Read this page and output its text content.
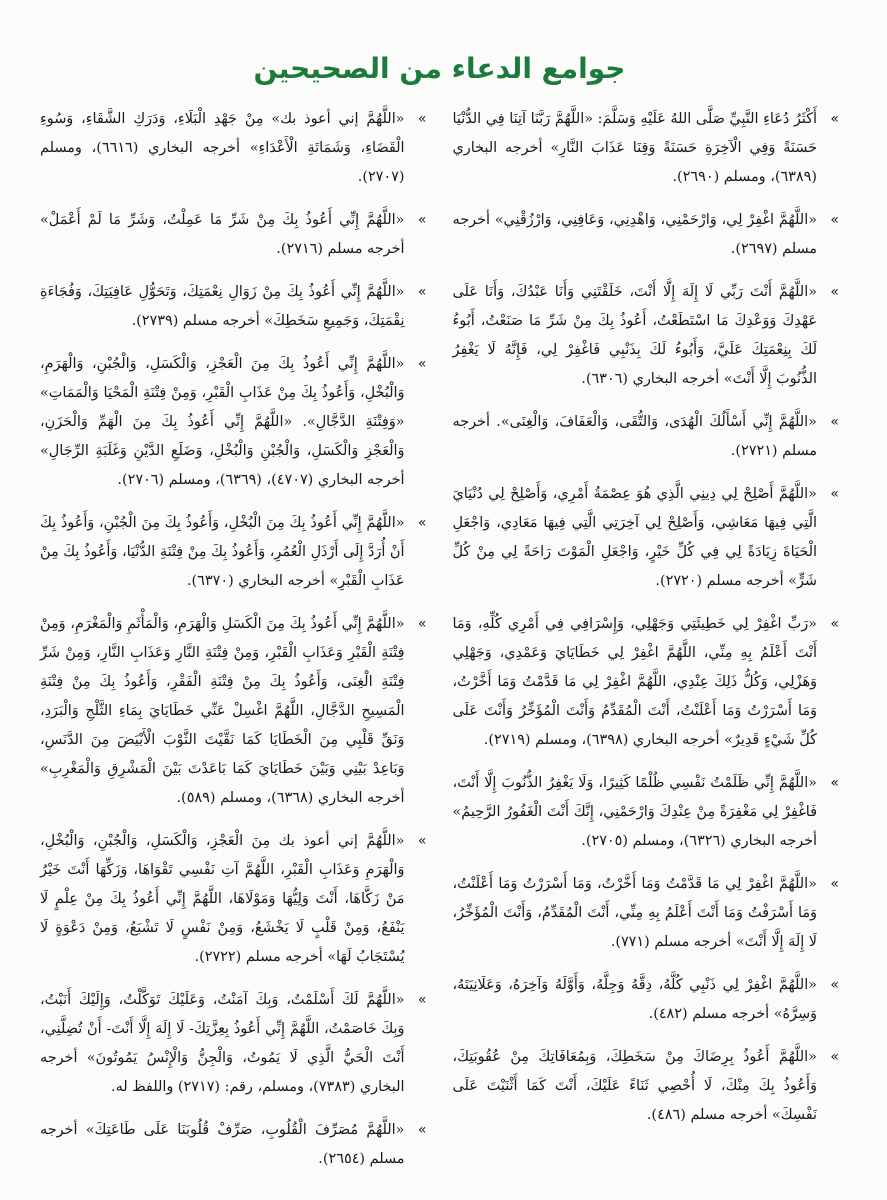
جوامع الدعاء من الصحيحين
»
أَكْثَرُ دُعَاءِ النَّبِيِّ صَلَّى اللهُ عَلَيْهِ وَسَلَّمَ: «اللَّهُمَّ رَبَّنَا آتِنَا فِي الدُّنْيَا حَسَنَةً وَفِي الْآخِرَةِ حَسَنَةً وَقِنَا عَذَابَ النَّارِ» أخرجه البخاري (٦٣٨٩)، ومسلم (٢٦٩٠).
»
«اللَّهُمَّ اغْفِرْ لِي، وَارْحَمْنِي، وَاهْدِنِي، وَعَافِنِي، وَارْزُقْنِي» أخرجه مسلم (٢٦٩٧).
»
«اللَّهُمَّ أَنْتَ رَبِّي لَا إِلَهَ إِلَّا أَنْتَ، خَلَقْتَنِي وَأَنَا عَبْدُكَ، وَأَنَا عَلَى عَهْدِكَ وَوَعْدِكَ مَا اسْتَطَعْتُ، أَعُوذُ بِكَ مِنْ شَرِّ مَا صَنَعْتُ، أَبُوءُ لَكَ بِنِعْمَتِكَ عَلَيَّ، وَأَبُوءُ لَكَ بِذَنْبِي فَاغْفِرْ لِي، فَإِنَّهُ لَا يَغْفِرُ الذُّنُوبَ إِلَّا أَنْتَ» أخرجه البخاري (٦٣٠٦).
»
«اللَّهُمَّ إِنِّي أَسْأَلُكَ الْهُدَى، وَالتُّقَى، وَالْعَفَافَ، وَالْغِنَى». أخرجه مسلم (٢٧٢١).
»
«اللَّهُمَّ أَصْلِحْ لِي دِينِي الَّذِي هُوَ عِصْمَةُ أَمْرِي، وَأَصْلِحْ لِي دُنْيَايَ الَّتِي فِيهَا مَعَاشِي، وَأَصْلِحْ لِي آخِرَتِي الَّتِي فِيهَا مَعَادِي، وَاجْعَلِ الْحَيَاةَ زِيَادَةً لِي فِي كُلِّ خَيْرٍ، وَاجْعَلِ الْمَوْتَ رَاحَةً لِي مِنْ كُلِّ شَرٍّ» أخرجه مسلم (٢٧٢٠).
»
«رَبِّ اغْفِرْ لِي خَطِيئَتِي وَجَهْلِي، وَإِسْرَافِي فِي أَمْرِي كُلِّهِ، وَمَا أَنْتَ أَعْلَمُ بِهِ مِنِّي، اللَّهُمَّ اغْفِرْ لِي خَطَايَايَ وَعَمْدِي، وَجَهْلِي وَهَزْلِي، وَكُلُّ ذَلِكَ عِنْدِي، اللَّهُمَّ اغْفِرْ لِي مَا قَدَّمْتُ وَمَا أَخَّرْتُ، وَمَا أَسْرَرْتُ وَمَا أَعْلَنْتُ، أَنْتَ الْمُقَدِّمُ وَأَنْتَ الْمُؤَخِّرُ وَأَنْتَ عَلَى كُلِّ شَيْءٍ قَدِيرٌ» أخرجه البخاري (٦٣٩٨)، ومسلم (٢٧١٩).
»
«اللَّهُمَّ إِنِّي ظَلَمْتُ نَفْسِي ظُلْمًا كَثِيرًا، وَلَا يَغْفِرُ الذُّنُوبَ إِلَّا أَنْتَ، فَاغْفِرْ لِي مَغْفِرَةً مِنْ عِنْدِكَ وَارْحَمْنِي، إِنَّكَ أَنْتَ الْغَفُورُ الرَّحِيمُ» أخرجه البخاري (٦٣٢٦)، ومسلم (٢٧٠٥).
»
«اللَّهُمَّ اغْفِرْ لِي مَا قَدَّمْتُ وَمَا أَخَّرْتُ، وَمَا أَسْرَرْتُ وَمَا أَعْلَنْتُ، وَمَا أَسْرَفْتُ وَمَا أَنْتَ أَعْلَمُ بِهِ مِنِّي، أَنْتَ الْمُقَدِّمُ، وَأَنْتَ الْمُؤَخِّرُ، لَا إِلَهَ إِلَّا أَنْتَ» أخرجه مسلم (٧٧١).
»
«اللَّهُمَّ اغْفِرْ لِي ذَنْبِي كُلَّهُ، دِقَّهُ وَجِلَّهُ، وَأَوَّلَهُ وَآخِرَهُ، وَعَلَانِيَتَهُ، وَسِرَّهُ» أخرجه مسلم (٤٨٢).
»
«اللَّهُمَّ أَعُوذُ بِرِضَاكَ مِنْ سَخَطِكَ، وَبِمُعَافَاتِكَ مِنْ عُقُوبَتِكَ، وَأَعُوذُ بِكَ مِنْكَ، لَا أُحْصِي ثَنَاءً عَلَيْكَ، أَنْتَ كَمَا أَثْنَيْتَ عَلَى نَفْسِكَ» أخرجه مسلم (٤٨٦).
»
«اللَّهُمَّ إني أعوذ بك» مِنْ جَهْدِ الْبَلَاءِ، وَدَرَكِ الشَّقَاءِ، وَسُوءِ الْقَضَاءِ، وَشَمَاتَةِ الْأَعْدَاءِ» أخرجه البخاري (٦٦١٦)، ومسلم (٢٧٠٧).
»
«اللَّهُمَّ إِنِّي أَعُوذُ بِكَ مِنْ شَرِّ مَا عَمِلْتُ، وَشَرِّ مَا لَمْ أَعْمَلْ» أخرجه مسلم (٢٧١٦).
»
«اللَّهُمَّ إِنِّي أَعُوذُ بِكَ مِنْ زَوَالِ نِعْمَتِكَ، وَتَحَوُّلِ عَافِيَتِكَ، وَفُجَاءَةِ نِقْمَتِكَ، وَجَمِيعِ سَخَطِكَ» أخرجه مسلم (٢٧٣٩).
»
«اللَّهُمَّ إِنِّي أَعُوذُ بِكَ مِنَ الْعَجْزِ، وَالْكَسَلِ، وَالْجُبْنِ، وَالْهَرَمِ، وَالْبُخْلِ، وَأَعُوذُ بِكَ مِنْ عَذَابِ الْقَبْرِ، وَمِنْ فِتْنَةِ الْمَحْيَا وَالْمَمَاتِ» «وَفِتْنَةِ الدَّجَّالِ». «اللَّهُمَّ إِنِّي أَعُوذُ بِكَ مِنَ الْهَمِّ وَالْحَزَنِ، وَالْعَجْزِ وَالْكَسَلِ، وَالْجُبْنِ وَالْبُخْلِ، وَضَلَعِ الدَّيْنِ وَغَلَبَةِ الرِّجَالِ» أخرجه البخاري (٤٧٠٧)، (٦٣٦٩)، ومسلم (٢٧٠٦).
»
«اللَّهُمَّ إِنِّي أَعُوذُ بِكَ مِنَ الْبُخْلِ، وَأَعُوذُ بِكَ مِنَ الْجُبْنِ، وَأَعُوذُ بِكَ أَنْ أُرَدَّ إِلَى أَرْذَلِ الْعُمُرِ، وَأَعُوذُ بِكَ مِنْ فِتْنَةِ الدُّنْيَا، وَأَعُوذُ بِكَ مِنْ عَذَابِ الْقَبْرِ» أخرجه البخاري (٦٣٧٠).
»
«اللَّهُمَّ إِنِّي أَعُوذُ بِكَ مِنَ الْكَسَلِ وَالْهَرَمِ، وَالْمَأْثَمِ وَالْمَغْرَمِ، وَمِنْ فِتْنَةِ الْقَبْرِ وَعَذَابِ الْقَبْرِ، وَمِنْ فِتْنَةِ النَّارِ وَعَذَابِ النَّارِ، وَمِنْ شَرِّ فِتْنَةِ الْغِنَى، وَأَعُوذُ بِكَ مِنْ فِتْنَةِ الْفَقْرِ، وَأَعُوذُ بِكَ مِنْ فِتْنَةِ الْمَسِيحِ الدَّجَّالِ، اللَّهُمَّ اغْسِلْ عَنِّي خَطَايَايَ بِمَاءِ الثَّلْجِ وَالْبَرَدِ، وَنَقِّ قَلْبِي مِنَ الْخَطَايَا كَمَا نَقَّيْتَ الثَّوْبَ الْأَبْيَضَ مِنَ الدَّنَسِ، وَبَاعِدْ بَيْنِي وَبَيْنَ خَطَايَايَ كَمَا بَاعَدْتَ بَيْنَ الْمَشْرِقِ وَالْمَغْرِبِ» أخرجه البخاري (٦٣٦٨)، ومسلم (٥٨٩).
»
«اللَّهُمَّ إني أعوذ بك مِنَ الْعَجْزِ، وَالْكَسَلِ، وَالْجُبْنِ، وَالْبُخْلِ، وَالْهَرَمِ وَعَذَابِ الْقَبْرِ، اللَّهُمَّ آتِ نَفْسِي تَقْوَاهَا، وَزَكِّهَا أَنْتَ خَيْرُ مَنْ زَكَّاهَا، أَنْتَ وَلِيُّهَا وَمَوْلَاهَا، اللَّهُمَّ إِنِّي أَعُوذُ بِكَ مِنْ عِلْمٍ لَا يَنْفَعُ، وَمِنْ قَلْبٍ لَا يَخْشَعُ، وَمِنْ نَفْسٍ لَا تَشْبَعُ، وَمِنْ دَعْوَةٍ لَا يُسْتَجَابُ لَهَا» أخرجه مسلم (٢٧٢٢).
»
«اللَّهُمَّ لَكَ أَسْلَمْتُ، وَبِكَ آمَنْتُ، وَعَلَيْكَ تَوَكَّلْتُ، وَإِلَيْكَ أَنَبْتُ، وَبِكَ خَاصَمْتُ، اللَّهُمَّ إِنِّي أَعُوذُ بِعِزَّتِكَ- لَا إِلَهَ إِلَّا أَنْتَ- أَنْ تُضِلَّنِي، أَنْتَ الْحَيُّ الَّذِي لَا يَمُوتُ، وَالْجِنُّ وَالْإِنْسُ يَمُوتُونَ» أخرجه البخاري (٧٣٨٣)، ومسلم، رقم: (٢٧١٧) واللفظ له.
»
«اللَّهُمَّ مُصَرِّفَ الْقُلُوبِ، صَرِّفْ قُلُوبَنَا عَلَى طَاعَتِكَ» أخرجه مسلم (٢٦٥٤).
